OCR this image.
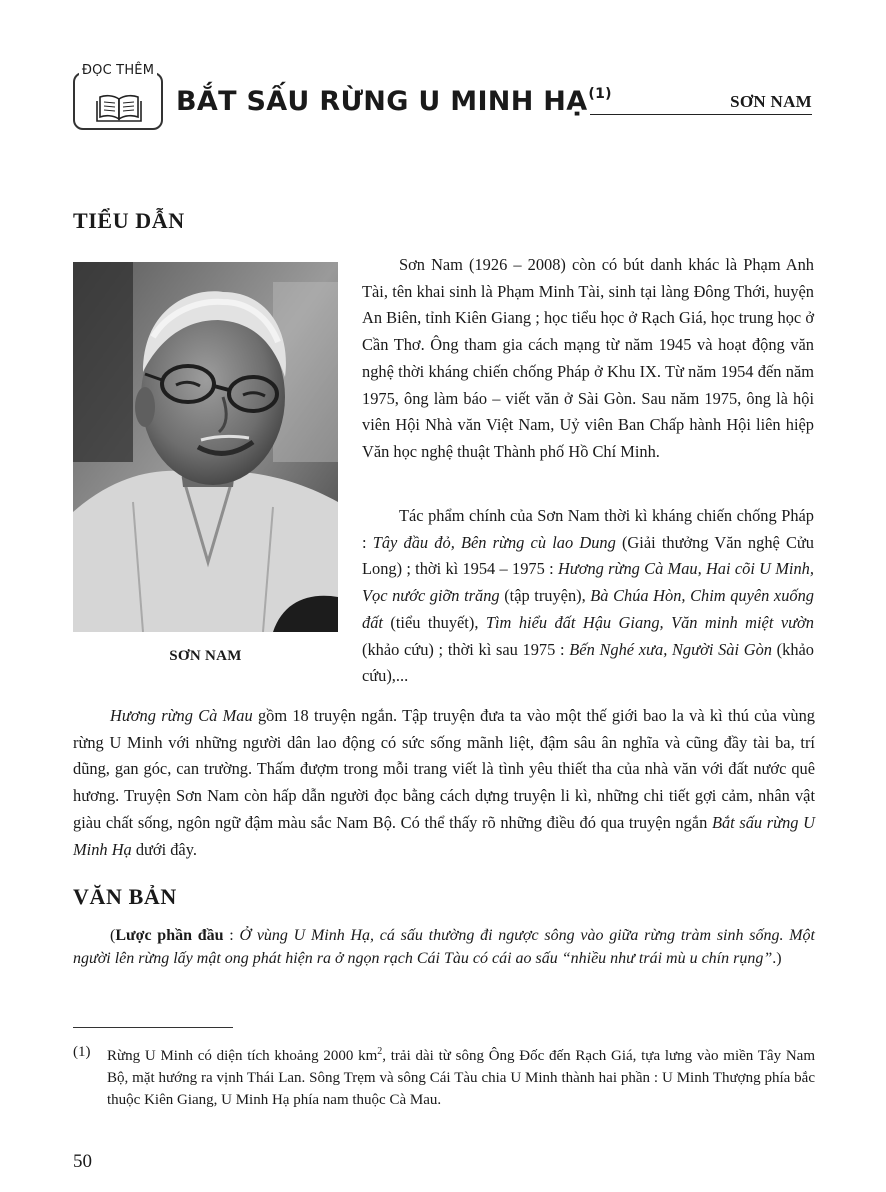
ĐỌC THÊM
BẮT SẤU RỪNG U MINH HẠ$^{(1)}$	SƠN NAM
TIỂU DẪN
SƠN NAM

Sơn Nam (1926 – 2008) còn có bút danh khác là Phạm Anh Tài, tên khai sinh là Phạm Minh Tài, sinh tại làng Đông Thới, huyện An Biên, tỉnh Kiên Giang ; học tiểu học ở Rạch Giá, học trung học ở Cần Thơ. Ông tham gia cách mạng từ năm 1945 và hoạt động văn nghệ thời kháng chiến chống Pháp ở Khu IX. Từ năm 1954 đến năm 1975, ông làm báo – viết văn ở Sài Gòn. Sau năm 1975, ông là hội viên Hội Nhà văn Việt Nam, Uỷ viên Ban Chấp hành Hội liên hiệp Văn học nghệ thuật Thành phố Hồ Chí Minh.

Tác phẩm chính của Sơn Nam thời kì kháng chiến chống Pháp : Tây đầu đỏ, Bên rừng cù lao Dung (Giải thưởng Văn nghệ Cửu Long) ; thời kì 1954 – 1975 : Hương rừng Cà Mau, Hai cõi U Minh, Vọc nước giỡn trăng (tập truyện), Bà Chúa Hòn, Chim quyên xuống đất (tiểu thuyết), Tìm hiểu đất Hậu Giang, Văn minh miệt vườn (khảo cứu) ; thời kì sau 1975 : Bến Nghé xưa, Người Sài Gòn (khảo cứu),...

Hương rừng Cà Mau gồm 18 truyện ngắn. Tập truyện đưa ta vào một thế giới bao la và kì thú của vùng rừng U Minh với những người dân lao động có sức sống mãnh liệt, đậm sâu ân nghĩa và cũng đầy tài ba, trí dũng, gan góc, can trường. Thấm đượm trong mỗi trang viết là tình yêu thiết tha của nhà văn với đất nước quê hương. Truyện Sơn Nam còn hấp dẫn người đọc bằng cách dựng truyện li kì, những chi tiết gợi cảm, nhân vật giàu chất sống, ngôn ngữ đậm màu sắc Nam Bộ. Có thể thấy rõ những điều đó qua truyện ngắn Bắt sấu rừng U Minh Hạ dưới đây.

VĂN BẢN

(Lược phần đầu : Ở vùng U Minh Hạ, cá sấu thường đi ngược sông vào giữa rừng tràm sinh sống. Một người lên rừng lấy mật ong phát hiện ra ở ngọn rạch Cái Tàu có cái ao sấu “nhiều như trái mù u chín rụng”.)

(1)	Rừng U Minh có diện tích khoảng 2000 $km^2$, trải dài từ sông Ông Đốc đến Rạch Giá, tựa lưng vào miền Tây Nam Bộ, mặt hướng ra vịnh Thái Lan. Sông Trẹm và sông Cái Tàu chia U Minh thành hai phần : U Minh Thượng phía bắc thuộc Kiên Giang, U Minh Hạ phía nam thuộc Cà Mau.
50
